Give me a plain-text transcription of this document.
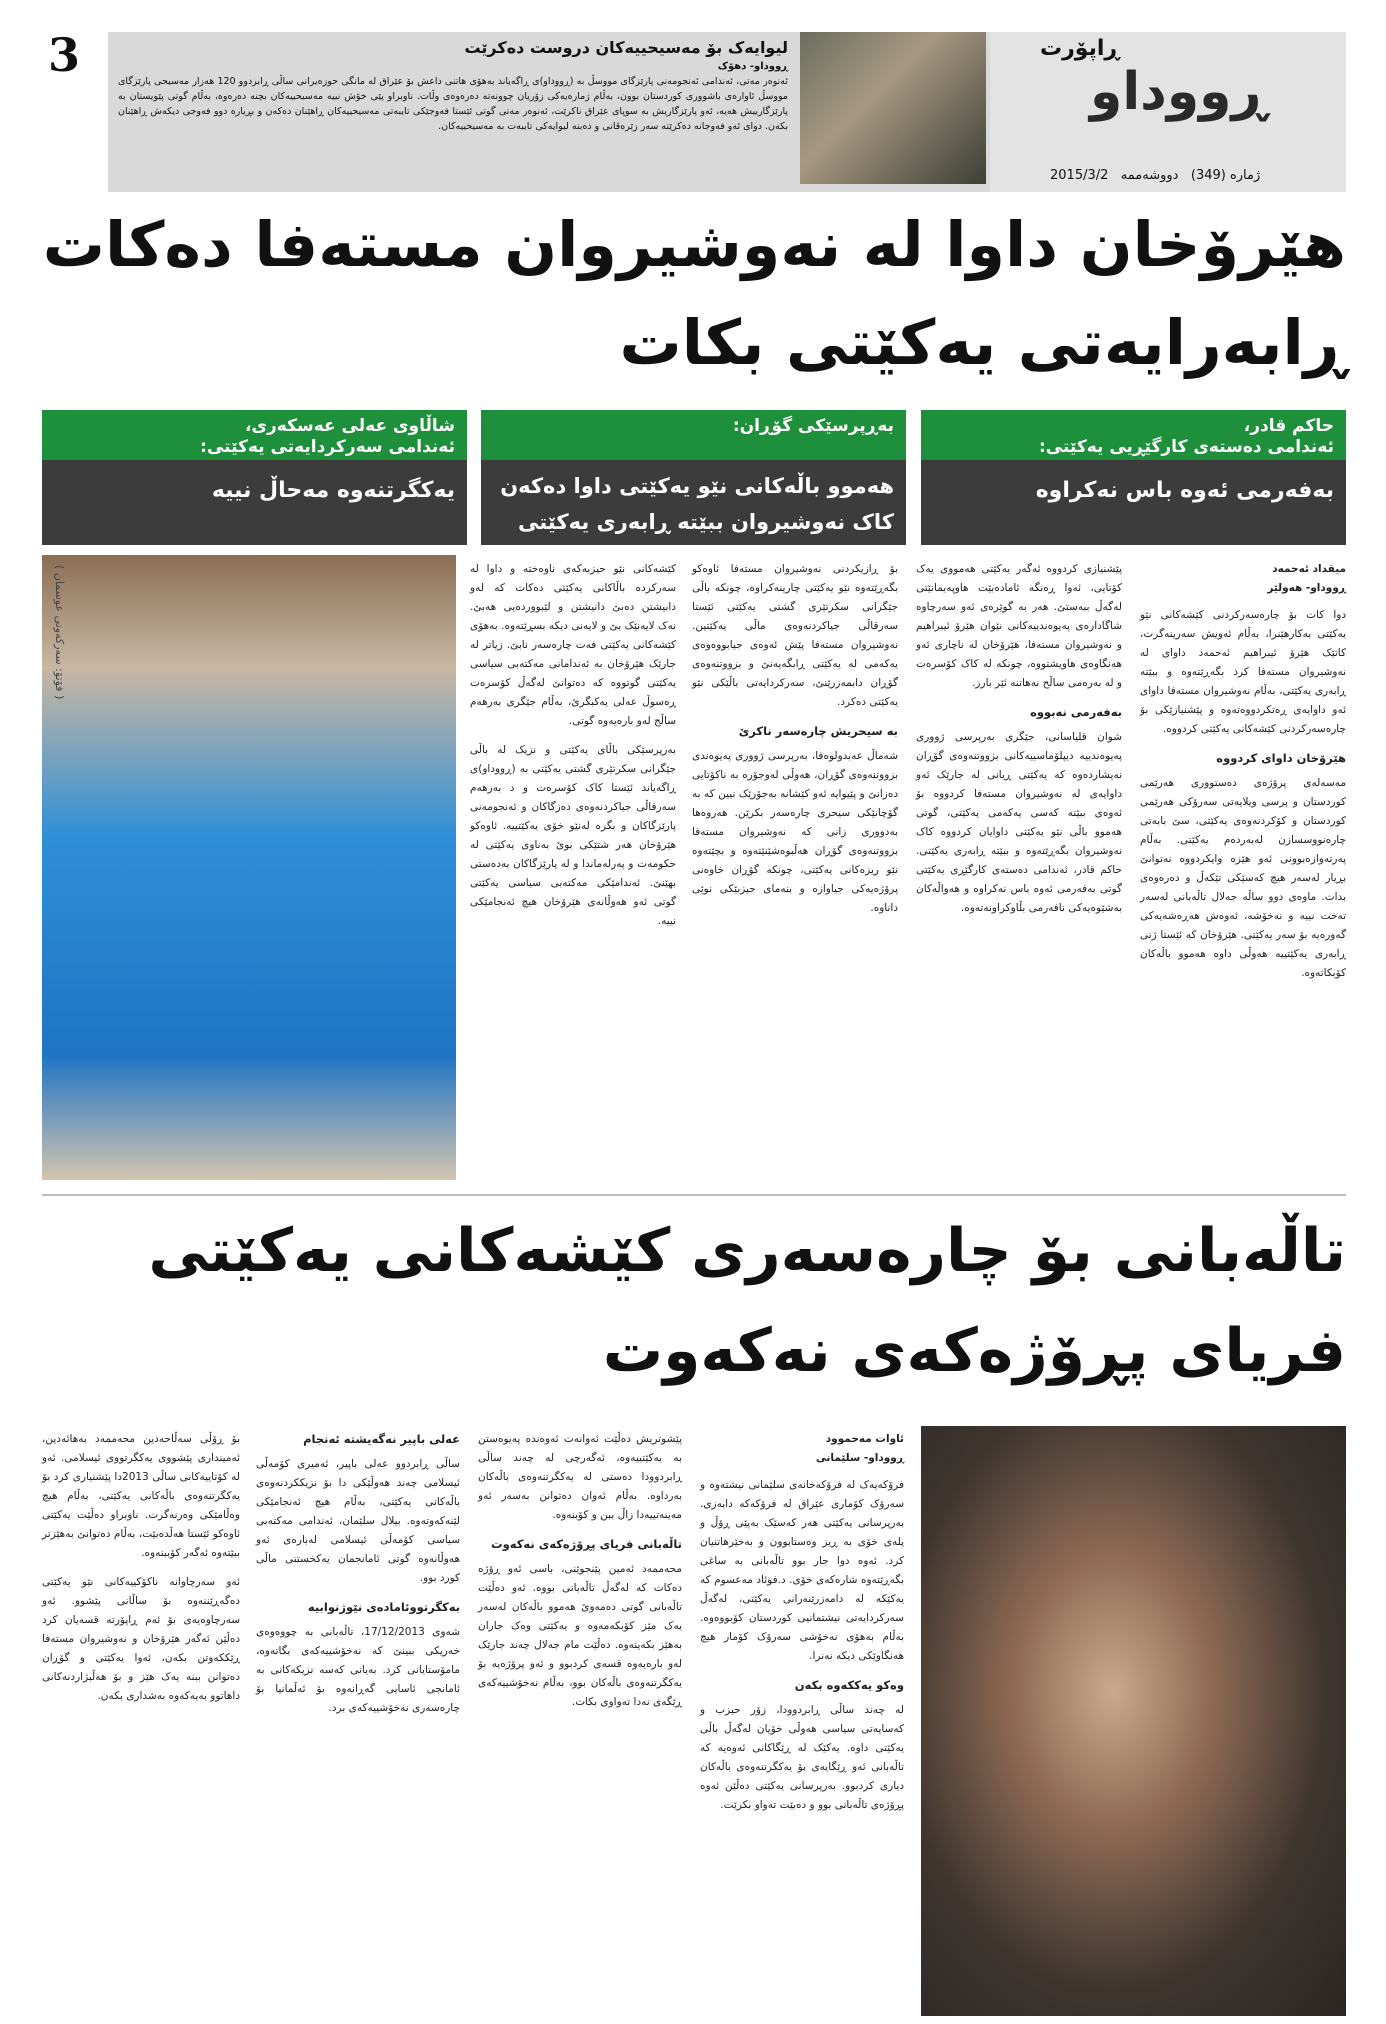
3	لیوایەک بۆ مەسیحییەکان دروست دەکرێت
ڕووداو- دهۆک
ئەنوەر مەتی، ئەندامی ئەنجومەنی پارێزگای مووسڵ بە (ڕووداو)ی ڕاگەیاند بەهۆی هاتنی داعش بۆ عێراق لە مانگی حوزەیرانی ساڵی ڕابردوو 120 هەزار مەسیحی پارێزگای مووسڵ ئاوارەی باشووری کوردستان بوون، بەڵام ژمارەیەکی زۆریان چوونەتە دەرەوەی وڵات. ناوبراو پێی خۆش نییە مەسیحییەکان بچنە دەرەوە، بەڵام گوتی پێویستان بە پارێزگارییش هەیە، ئەو پارێزگاریش بە سوپای عێراق ناکرێت، ئەنوەر مەتی گوتی ئێستا فەوجێکی تایبەتی مەسیحییەکان ڕاهێنان دەکەن و بڕیارە دوو فەوجی دیکەش ڕاهێنان بکەن. دوای ئەو فەوجانە دەکرێتە سەر زێرەڤانی و دەبنە لیوایەکی تایبەت بە مەسیحییەکان.
ڕاپۆرت
ڕووداو
ژمارە (349)   دووشەممە   2015/3/2
هێرۆخان داوا لە نەوشیروان مستەفا دەکات
ڕابەرایەتی یەکێتی بکات
حاکم قادر،
ئەندامی دەستەی کارگێڕیی یەکێتی:
بەفەرمی ئەوە باس نەکراوە
بەڕپرسێکی گۆڕان:
هەموو باڵەکانی نێو یەکێتی داوا دەکەن
کاک نەوشیروان ببێتە ڕابەری یەکێتی
شاڵاوی عەلی عەسکەری،
ئەندامی سەرکردایەتی یەکێتی:
یەکگرتنەوە مەحاڵ نییە
( فۆتۆ: سەرکەوتی عوسمان )
میقداد ئەحمەد
ڕووداو- هەولێر
دوا کات بۆ چارەسەرکردنی کێشەکانی نێو یەکێتی بەکارهێنرا، بەڵام ئەویش سەرینەگرت، کاتێک هێرۆ ئیبراهیم ئەحمەد داوای لە نەوشیروان مستەفا کرد بگەڕێتەوە و ببێتە ڕابەری یەکێتی، بەڵام نەوشیروان مستەفا داوای ئەو داوایەی ڕەتکردووەتەوە و پێشنیازێکی بۆ چارەسەرکردنی کێشەکانی یەکێتی کردووە.
هێرۆخان داوای کردووە
مەسەلەی پرۆژەی دەستووری هەرێمی کوردستان و پرسی ویلایەتی سەرۆکی هەرێمی کوردستان و کۆکردنەوەی یەکێتی، سێ بابەتی چارەنووسسازن لەبەردەم یەکێتی. بەڵام پەرتەوازەبوونی ئەو هێزە وایکردووە نەتوانێ بڕیار لەسەر هیچ کەسێکی تێکەڵ و دەرەوەی بدات. ماوەی دوو ساڵە جەلال تاڵەبانی لەسەر تەخت نییە و نەخۆشە، ئەوەش هەڕەشەیەکی گەورەیە بۆ سەر یەکێتی. هێرۆخان کە ئێستا ژنی ڕابەری یەکێتییە هەوڵی داوە هەموو باڵەکان کۆبکاتەوە.
پێشنیازی کردووە ئەگەر یەکێتی هەمووی یەک کۆتایی، ئەوا ڕەنگە ئامادەبێت هاوپەیمانێتی لەگەڵ ببەستێ. هەر بە گوێرەی ئەو سەرچاوە شاگادارەی پەیوەندییەکانی نێوان هێرۆ ئیبراهیم و نەوشیروان مستەفا، هێرۆخان لە ناچاری ئەو هەنگاوەی هاویشتووە، چونکە لە کاک کۆسرەت و لە بەرەمی ساڵح نەهاتنە ئێر بارز.
بەفەرمی نەبووە
شوان قلیاسانی، جێگری بەرپرسی ژووری پەیوەندییە دیپلۆماسییەکانی بزووتنەوەی گۆڕان نەیشاردەوە کە یەکێتی ڕیانی لە جارێک ئەو داوایەی لە نەوشیروان مستەفا کردووە بۆ ئەوەی ببێتە کەسی یەکەمی یەکێتی، گوتی هەموو باڵی نێو یەکێتی داوایان کردووە کاک نەوشیروان بگەڕێتەوە و ببێتە ڕابەری یەکێتی. حاکم قادر، ئەندامی دەستەی کارگێڕی یەکێتی گوتی بەفەرمی ئەوە باس نەکراوە و هەواڵەکان بەشێوەیەکی نافەرمی بڵاوکراونەتەوە.
بۆ ڕازیکردنی نەوشیروان مستەفا ئاوەکو بگەڕێتەوە نێو یەکێتی چارینەکراوە، چونکە باڵی جێگرانی سکرتێری گشتی یەکێتی ئێستا سەرقاڵی جیاکردنەوەی ماڵی یەکێتین. نەوشیروان مستەفا پێش ئەوەی جیابووەوەی یەکەمی لە یەکێتی ڕابگەیەنێ و بزووتنەوەی گۆڕان دابمەزرێنێ، سەرکردایەتی باڵێکی نێو یەکێتی دەکرد.
بە سیحریش چارەسەر ناکرێ
شەماڵ عەبدولوەفا، بەرپرسی ژووری پەیوەندی بزووتنەوەی گۆڕان، هەوڵی لەوجۆرە بە ناکۆتایی دەزانێ و پێیوایە ئەو کێشانە بەجۆرێک نیین کە بە گۆچانێکی سیحری چارەسەر بکرێن. هەروەها بەدووری زانی کە نەوشیروان مستەفا بزووتنەوەی گۆڕان هەڵبوەشێنێتەوە و بچێتەوە نێو ریزەکانی یەکێتی، چونکە گۆڕان خاوەنی پرۆژەیەکی جیاوازە و بنەمای حیزبێکی نوێی داناوە.
کێشەکانی نێو حیزبەکەی ناوەختە و داوا لە سەرکردە باڵاکانی یەکێتی دەکات کە لەو دابیشتن دەبێ دانیشتن و لێبووردەیی هەبێ. نەک لایەنێک بێ و لایەنی دیکە بسڕێتەوە. بەهۆی کێشەکانی یەکێتی فەت چارەسەر نابێ. زیاتر لە جارێک هێرۆخان بە ئەندامانی مەکتەبی سیاسی یەکێتی گوتووە کە دەتوانێ لەگەڵ کۆسرەت ڕەسوڵ عەلی یەکبگرێ، بەڵام جێگری بەرهەم ساڵح لەو بارەیەوە گوتی.
بەرپرسێکی باڵای یەکێتی و نزیک لە باڵی جێگرانی سکرتێری گشتی یەکێتی بە (ڕووداو)ی ڕاگەیاند ئێستا کاک کۆسرەت و د بەرهەم سەرقاڵی جیاکردنەوەی دەزگاکان و ئەنجومەنی پارێزگاکان و بگرە لەنێو خۆی یەکێتییە. ئاوەکو هێرۆخان هەر شتێکی بوێ بەناوی یەکێتی لە حکومەت و پەرلەماندا و لە پارێزگاکان بەدەستی بهێنێ. ئەندامێکی مەکتەبی سیاسی یەکێتی گوتی ئەو هەوڵانەی هێرۆخان هیچ ئەنجامێکی نییە.
تاڵەبانی بۆ چارەسەری کێشەکانی یەکێتی
فریای پڕۆژەکەی نەکەوت
ئاوات مەحموود
ڕووداو- سلێمانی
فرۆکەیەک لە فرۆکەخانەی سلێمانی نیشتەوە و سەرۆک کۆماری عێراق لە فرۆکەکە دابەزی. بەرپرسانی یەکێتی هەر کەسێک بەپێی ڕۆڵ و پلەی خۆی بە ڕیز وەستابوون و بەخێرهاتنیان کرد. ئەوە دوا جار بوو تاڵەبانی بە ساغی بگەڕێتەوە شارەکەی خۆی. د.فوئاد مەعسوم کە یەکێکە لە دامەزرێنەرانی یەکێتی، لەگەڵ سەرکردایەتی نیشتمانیی کوردستان کۆبووەوە. بەڵام بەهۆی نەخۆشی سەرۆک کۆمار هیچ هەنگاوێکی دیکە نەنرا.
وەکو یەککەوە بکەن
لە چەند ساڵی ڕابردوودا، زۆر حیزب و کەسایەتی سیاسی هەوڵی خۆیان لەگەڵ باڵی یەکێتی داوە. یەکێک لە ڕێگاکانی ئەوەیە کە تاڵەبانی ئەو ڕێگایەی بۆ یەکگرتنەوەی باڵەکان دیاری کردبوو. بەرپرسانی یەکێتی دەڵێن ئەوە پڕۆژەی تاڵەبانی بوو و دەبێت تەواو بکرێت.
پێشوتریش دەڵێت ئەوانەت ئەوەندە پەیوەستن بە یەکێتییەوە، ئەگەرچی لە چەند ساڵی ڕابردوودا دەستی لە یەکگرتنەوەی باڵەکان بەرداوە. بەڵام ئەوان دەتوانن بەسەر ئەو مەینەتییەدا زاڵ ببن و کۆبنەوە.
تاڵەبانی فریای پڕۆژەکەی نەکەوت
محەممەد ئەمین پێنجوێنی، باسی ئەو ڕۆژە دەکات کە لەگەڵ تاڵەبانی بووە. ئەو دەڵێت تاڵەبانی گوتی دەمەوێ هەموو باڵەکان لەسەر یەک مێز کۆبکەمەوە و یەکێتی وەک جاران بەهێز بکەینەوە. دەڵێت مام جەلال چەند جارێک لەو بارەیەوە قسەی کردبوو و ئەو پرۆژەیە بۆ یەکگرتنەوەی باڵەکان بوو، بەڵام نەخۆشییەکەی ڕێگەی نەدا تەواوی بکات.
عەلی باپیر نەگەیشتە ئەنجام
ساڵی ڕابردوو عەلی باپیر، ئەمیری کۆمەڵی ئیسلامی چەند هەوڵێکی دا بۆ نزیککردنەوەی باڵەکانی یەکێتی، بەڵام هیچ ئەنجامێکی لێنەکەوتەوە. بیلال سلێمان، ئەندامی مەکتەبی سیاسی کۆمەڵی ئیسلامی لەبارەی ئەو هەوڵانەوە گوتی ئامانجمان یەکخستنی ماڵی کورد بوو.
بەکگرتووئامادەی نێوژنوابیە
شەوی 17/12/2013، تاڵەبانی بە چووەوەی خەریکی ببینێ کە نەخۆشییەکەی بگاتەوە، مامۆستایانی کرد. بەیانی کەسە نزیکەکانی بە ئامانجی ئاسایی گەڕانەوە بۆ ئەڵمانیا بۆ چارەسەری نەخۆشییەکەی برد.
بۆ ڕۆڵی سەڵاحەدین محەممەد بەهائەدین، ئەمینداری پێشووی یەکگرتووی ئیسلامی. ئەو لە کۆتاییەکانی ساڵی 2013دا پێشنیاری کرد بۆ یەکگرتنەوەی باڵەکانی یەکێتی، بەڵام هیچ وەڵامێکی وەرنەگرت. ناوبراو دەڵێت یەکێتی ئاوەکو ئێستا هەڵدەبێت، بەڵام دەتوانێ بەهێزتر ببێتەوە ئەگەر کۆببنەوە.
ئەو سەرچاوانە ناکۆکییەکانی نێو یەکێتی دەگەڕێننەوە بۆ ساڵانی پێشوو. ئەو سەرچاوەیەی بۆ ئەم ڕاپۆرتە قسەیان کرد دەڵێن ئەگەر هێرۆخان و نەوشیروان مستەفا ڕێککەوتن بکەن، ئەوا یەکێتی و گۆڕان دەتوانن ببنە یەک هێز و بۆ هەڵبژاردنەکانی داهاتوو بەیەکەوە بەشداری بکەن.
